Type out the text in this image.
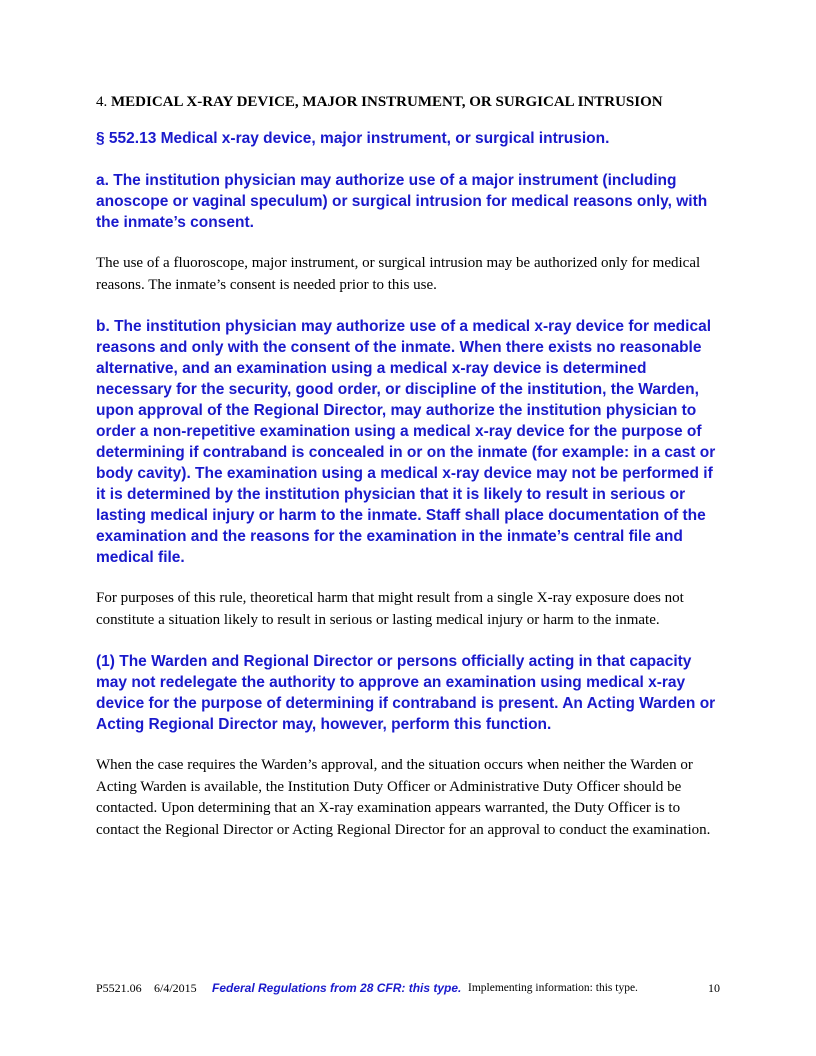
4. MEDICAL X-RAY DEVICE, MAJOR INSTRUMENT, OR SURGICAL INTRUSION

§ 552.13 Medical x-ray device, major instrument, or surgical intrusion.

a. The institution physician may authorize use of a major instrument (including anoscope or vaginal speculum) or surgical intrusion for medical reasons only, with the inmate’s consent.

The use of a fluoroscope, major instrument, or surgical intrusion may be authorized only for medical reasons. The inmate’s consent is needed prior to this use.

b. The institution physician may authorize use of a medical x-ray device for medical reasons and only with the consent of the inmate. When there exists no reasonable alternative, and an examination using a medical x-ray device is determined necessary for the security, good order, or discipline of the institution, the Warden, upon approval of the Regional Director, may authorize the institution physician to order a non-repetitive examination using a medical x-ray device for the purpose of determining if contraband is concealed in or on the inmate (for example: in a cast or body cavity). The examination using a medical x-ray device may not be performed if it is determined by the institution physician that it is likely to result in serious or lasting medical injury or harm to the inmate. Staff shall place documentation of the examination and the reasons for the examination in the inmate’s central file and medical file.

For purposes of this rule, theoretical harm that might result from a single X-ray exposure does not constitute a situation likely to result in serious or lasting medical injury or harm to the inmate.

(1) The Warden and Regional Director or persons officially acting in that capacity may not redelegate the authority to approve an examination using medical x-ray device for the purpose of determining if contraband is present. An Acting Warden or Acting Regional Director may, however, perform this function.

When the case requires the Warden’s approval, and the situation occurs when neither the Warden or Acting Warden is available, the Institution Duty Officer or Administrative Duty Officer should be contacted. Upon determining that an X-ray examination appears warranted, the Duty Officer is to contact the Regional Director or Acting Regional Director for an approval to conduct the examination.

P5521.06 6/4/2015 Federal Regulations from 28 CFR: this type. Implementing information: this type.	10
